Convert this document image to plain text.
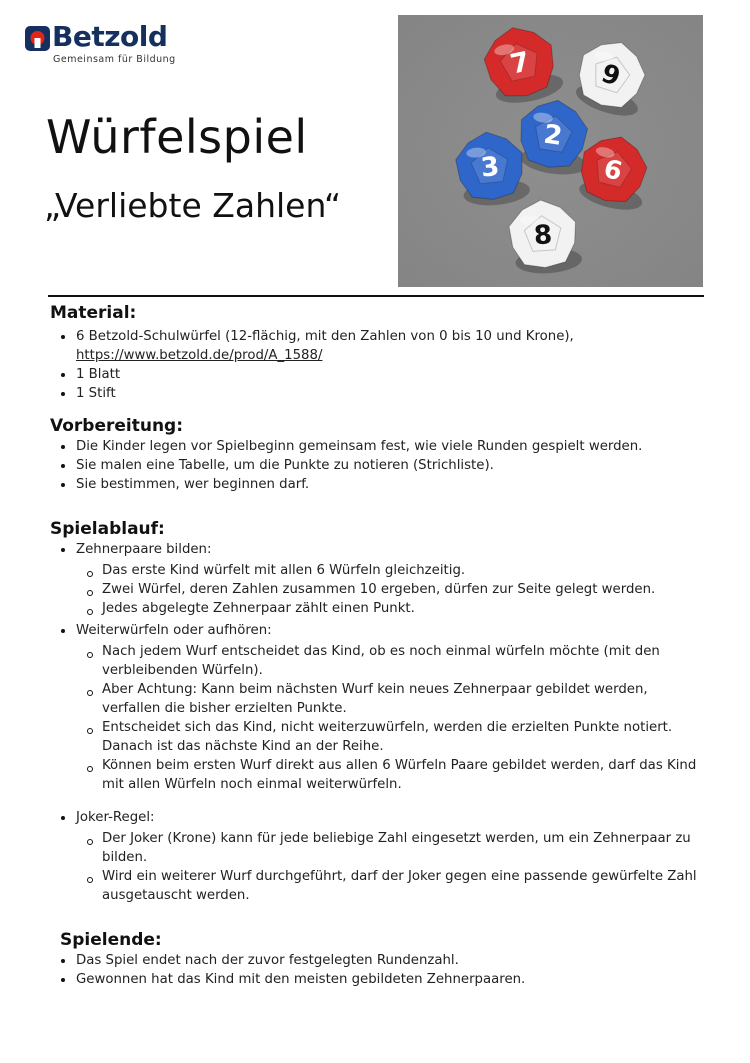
Betzold
Gemeinsam für Bildung
Würfelspiel
„Verliebte Zahlen“
7	9
2
3	6
8
Material:
6 Betzold-Schulwürfel (12-flächig, mit den Zahlen von 0 bis 10 und Krone),
https://www.betzold.de/prod/A_1588/
1 Blatt
1 Stift
Vorbereitung:
Die Kinder legen vor Spielbeginn gemeinsam fest, wie viele Runden gespielt werden.
Sie malen eine Tabelle, um die Punkte zu notieren (Strichliste).
Sie bestimmen, wer beginnen darf.
Spielablauf:
Zehnerpaare bilden:
Das erste Kind würfelt mit allen 6 Würfeln gleichzeitig.
Zwei Würfel, deren Zahlen zusammen 10 ergeben, dürfen zur Seite gelegt werden.
Jedes abgelegte Zehnerpaar zählt einen Punkt.
Weiterwürfeln oder aufhören:
Nach jedem Wurf entscheidet das Kind, ob es noch einmal würfeln möchte (mit den verbleibenden Würfeln).
Aber Achtung: Kann beim nächsten Wurf kein neues Zehnerpaar gebildet werden, verfallen die bisher erzielten Punkte.
Entscheidet sich das Kind, nicht weiterzuwürfeln, werden die erzielten Punkte notiert. Danach ist das nächste Kind an der Reihe.
Können beim ersten Wurf direkt aus allen 6 Würfeln Paare gebildet werden, darf das Kind mit allen Würfeln noch einmal weiterwürfeln.
Joker-Regel:
Der Joker (Krone) kann für jede beliebige Zahl eingesetzt werden, um ein Zehnerpaar zu bilden.
Wird ein weiterer Wurf durchgeführt, darf der Joker gegen eine passende gewürfelte Zahl ausgetauscht werden.
Spielende:
Das Spiel endet nach der zuvor festgelegten Rundenzahl.
Gewonnen hat das Kind mit den meisten gebildeten Zehnerpaaren.
